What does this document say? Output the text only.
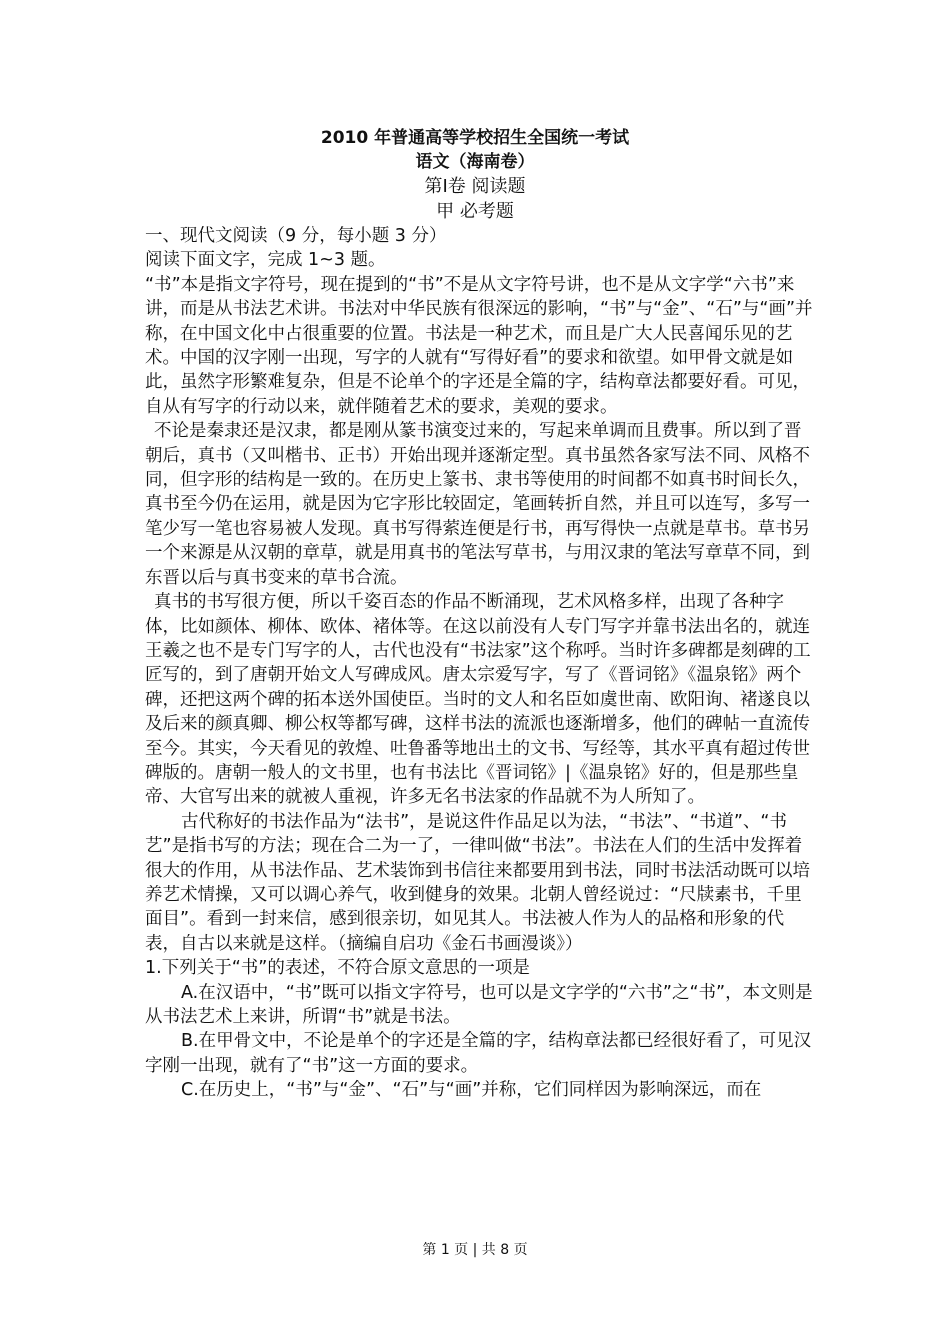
2010 年普通高等学校招生全国统一考试
语文（海南卷）
第Ⅰ卷 阅读题
甲 必考题

一、现代文阅读（9 分，每小题 3 分）

阅读下面文字，完成 1~3 题。

“书”本是指文字符号，现在提到的“书”不是从文字符号讲，也不是从文字学“六书”来讲，而是从书法艺术讲。书法对中华民族有很深远的影响，“书”与“金”、“石”与“画”并称，在中国文化中占很重要的位置。书法是一种艺术，而且是广大人民喜闻乐见的艺术。中国的汉字刚一出现，写字的人就有“写得好看”的要求和欲望。如甲骨文就是如此，虽然字形繁难复杂，但是不论单个的字还是全篇的字，结构章法都要好看。可见，自从有写字的行动以来，就伴随着艺术的要求，美观的要求。

不论是秦隶还是汉隶，都是刚从篆书演变过来的，写起来单调而且费事。所以到了晋朝后，真书（又叫楷书、正书）开始出现并逐渐定型。真书虽然各家写法不同、风格不同，但字形的结构是一致的。在历史上篆书、隶书等使用的时间都不如真书时间长久，真书至今仍在运用，就是因为它字形比较固定，笔画转折自然，并且可以连写，多写一笔少写一笔也容易被人发现。真书写得萦连便是行书，再写得快一点就是草书。草书另一个来源是从汉朝的章草，就是用真书的笔法写草书，与用汉隶的笔法写章草不同，到东晋以后与真书变来的草书合流。

真书的书写很方便，所以千姿百态的作品不断涌现，艺术风格多样，出现了各种字体，比如颜体、柳体、欧体、褚体等。在这以前没有人专门写字并靠书法出名的，就连王羲之也不是专门写字的人，古代也没有“书法家”这个称呼。当时许多碑都是刻碑的工匠写的，到了唐朝开始文人写碑成风。唐太宗爱写字，写了《晋词铭》《温泉铭》两个碑，还把这两个碑的拓本送外国使臣。当时的文人和名臣如虞世南、欧阳询、褚遂良以及后来的颜真卿、柳公权等都写碑，这样书法的流派也逐渐增多，他们的碑帖一直流传至今。其实，今天看见的敦煌、吐鲁番等地出土的文书、写经等，其水平真有超过传世碑版的。唐朝一般人的文书里，也有书法比《晋词铭》|《温泉铭》好的，但是那些皇帝、大官写出来的就被人重视，许多无名书法家的作品就不为人所知了。

古代称好的书法作品为“法书”，是说这件作品足以为法，“书法”、“书道”、“书艺”是指书写的方法；现在合二为一了，一律叫做“书法”。书法在人们的生活中发挥着很大的作用，从书法作品、艺术装饰到书信往来都要用到书法，同时书法活动既可以培养艺术情操，又可以调心养气，收到健身的效果。北朝人曾经说过：“尺牍素书，千里面目”。看到一封来信，感到很亲切，如见其人。书法被人作为人的品格和形象的代表，自古以来就是这样。（摘编自启功《金石书画漫谈》）

1.下列关于“书”的表述，不符合原文意思的一项是

A.在汉语中，“书”既可以指文字符号，也可以是文字学的“六书”之“书”，本文则是从书法艺术上来讲，所谓“书”就是书法。

B.在甲骨文中，不论是单个的字还是全篇的字，结构章法都已经很好看了，可见汉字刚一出现，就有了“书”这一方面的要求。

C.在历史上，“书”与“金”、“石”与“画”并称，它们同样因为影响深远，而在

第 1 页 | 共 8 页
